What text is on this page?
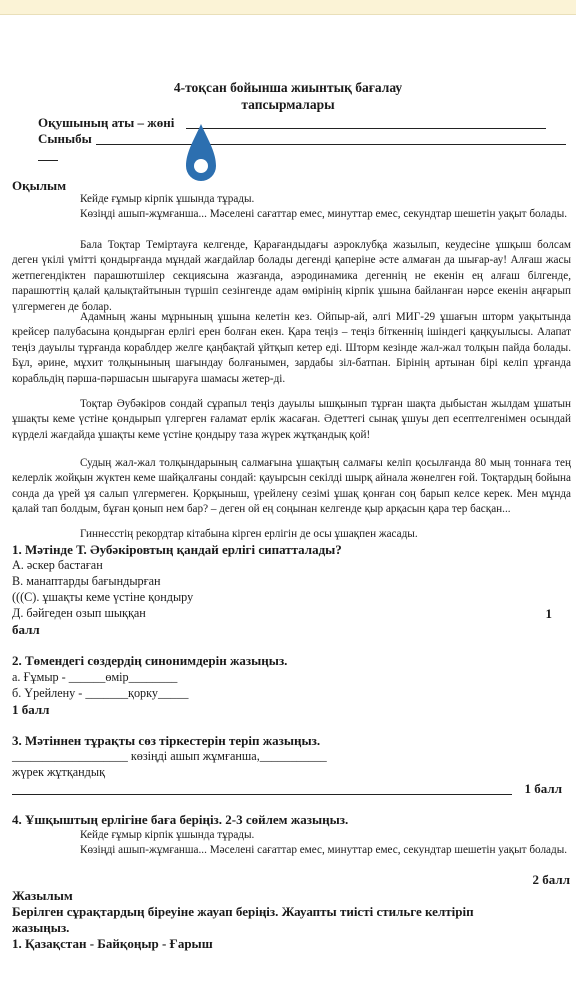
4-тоқсан бойынша жиынтық бағалау
тапсырмалары
Оқушының аты – жөні
Сыныбы
Оқылым
Кейде ғұмыр кірпік ұшында тұрады.
Көзіңді ашып-жұмғанша... Мәселені сағаттар емес, минуттар емес, секундтар шешетін уақыт болады.
Бала Тоқтар Теміртауға келгенде, Қарағандыдағы аэроклубқа жазылып, кеудесіне ұшқыш болсам деген үкілі үмітті қондырғанда мұндай жағдайлар болады дегенді қаперіне әсте алмаған да шығар-ау! Алғаш жасы жетпегендіктен парашютшілер секциясына жазғанда, аэродинамика дегеннің не екенін ең алғаш білгенде, парашюттің қалай қалықтайтынын түршіп сезінгенде адам өмірінің кірпік ұшына байланған нәрсе екенін аңғарып үлгермеген де болар.
Адамның жаны мұрнының ұшына келетін кез. Ойпыр-ай, әлгі МИГ-29 ұшағын шторм уақытында крейсер палубасына қондырған ерлігі ерен болған екен. Қара теңіз – теңіз біткеннің ішіндегі қаңқуылысы. Алапат теңіз дауылы тұрғанда кораблдер желге қаңбақтай ұйтқып кетер еді. Шторм кезінде жал-жал толқын пайда болады. Бұл, әрине, мұхит толқынының шағындау болғанымен, зардабы зіл-батпан. Бірінің артынан бірі келіп ұрғанда корабльдің пәрша-пәршасын шығаруға шамасы жетер-ді.
Тоқтар Әубәкіров сондай сұрапыл теңіз дауылы ышқынып тұрған шақта дыбыстан жылдам ұшатын ұшақты кеме үстіне қондырып үлгерген ғаламат ерлік жасаған. Әдеттегі сынақ ұшуы деп есептелгенімен осындай күрделі жағдайда ұшақты кеме үстіне қондыру таза жүрек жұтқандық қой!
Судың жал-жал толқындарының салмағына ұшақтың салмағы келіп қосылғанда 80 мың тоннаға тең келерлік жойқын жүктен кеме шайқалғаны сондай: қауырсын секілді шырқ айнала жөнелген ғой. Тоқтардың бойына сонда да үрей ұя салып үлгермеген. Қорқыныш, үрейлену сезімі ұшақ қонған соң барып келсе керек. Мен мұнда қалай тап болдым, бұған қонып нем бар? – деген ой ең соңынан келгенде қыр арқасын қара тер басқан...
Гиннесстің рекордтар кітабына кірген ерлігін де осы ұшақпен жасады.
1. Мәтінде Т. Әубәкіровтың қандай ерлігі сипатталады?
А. әскер бастаған
В. манаптарды бағындырған
(((С). ұшақты кеме үстіне қондыру
Д. бәйгеден озып шыққан	1
балл
2. Төмендегі сөздердің синонимдерін жазыңыз.
а. Ғұмыр - ______өмір________
б. Үрейлену - _______қорку_____
1 балл
3. Мәтіннен тұрақты сөз тіркестерін теріп жазыңыз.
___________________ көзіңді ашып жұмғанша,___________
жүрек жұтқандық
1 балл
4. Ұшқыштың ерлігіне баға беріңіз. 2-3 сөйлем жазыңыз.
Кейде ғұмыр кірпік ұшында тұрады.
Көзіңді ашып-жұмғанша... Мәселені сағаттар емес, минуттар емес, секундтар шешетін уақыт болады.
2 балл
Жазылым
Берілген сұрақтардың біреуіне жауап беріңіз. Жауапты тиісті стильге келтіріп жазыңыз.
1. Қазақстан - Байқоңыр - Ғарыш
